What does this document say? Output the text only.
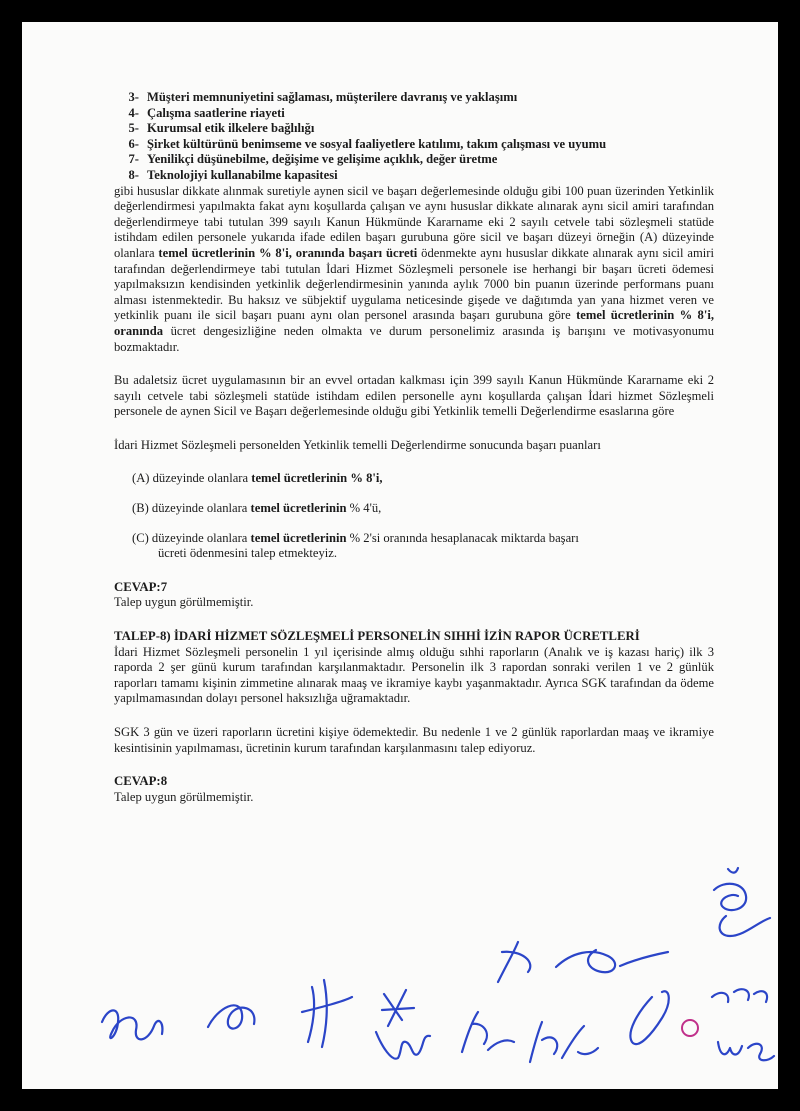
3- Müşteri memnuniyetini sağlaması, müşterilere davranış ve yaklaşımı
4- Çalışma saatlerine riayeti
5- Kurumsal etik ilkelere bağlılığı
6- Şirket kültürünü benimseme ve sosyal faaliyetlere katılımı, takım çalışması ve uyumu
7- Yenilikçi düşünebilme, değişime ve gelişime açıklık, değer üretme
8- Teknolojiyi kullanabilme kapasitesi

gibi hususlar dikkate alınmak suretiyle aynen sicil ve başarı değerlemesinde olduğu gibi 100 puan üzerinden Yetkinlik değerlendirmesi yapılmakta fakat aynı koşullarda çalışan ve aynı hususlar dikkate alınarak aynı sicil amiri tarafından değerlendirmeye tabi tutulan 399 sayılı Kanun Hükmünde Kararname eki 2 sayılı cetvele tabi sözleşmeli statüde istihdam edilen personele yukarıda ifade edilen başarı gurubuna göre sicil ve başarı düzeyi örneğin (A) düzeyinde olanlara temel ücretlerinin % 8'i, oranında başarı ücreti ödenmekte aynı hususlar dikkate alınarak aynı sicil amiri tarafından değerlendirmeye tabi tutulan İdari Hizmet Sözleşmeli personele ise herhangi bir başarı ücreti ödemesi yapılmaksızın kendisinden yetkinlik değerlendirmesinin yanında aylık 7000 bin puanın üzerinde performans puanı alması istenmektedir. Bu haksız ve sübjektif uygulama neticesinde gişede ve dağıtımda yan yana hizmet veren ve yetkinlik puanı ile sicil başarı puanı aynı olan personel arasında başarı gurubuna göre temel ücretlerinin % 8'i, oranında ücret dengesizliğine neden olmakta ve durum personelimiz arasında iş barışını ve motivasyonumu bozmaktadır.

Bu adaletsiz ücret uygulamasının bir an evvel ortadan kalkması için 399 sayılı Kanun Hükmünde Kararname eki 2 sayılı cetvele tabi sözleşmeli statüde istihdam edilen personelle aynı koşullarda çalışan İdari hizmet Sözleşmeli personele de aynen Sicil ve Başarı değerlemesinde olduğu gibi Yetkinlik temelli Değerlendirme esaslarına göre

İdari Hizmet Sözleşmeli personelden Yetkinlik temelli Değerlendirme sonucunda başarı puanları

(A) düzeyinde olanlara temel ücretlerinin % 8'i,

(B) düzeyinde olanlara temel ücretlerinin % 4'ü,

(C) düzeyinde olanlara temel ücretlerinin % 2'si oranında hesaplanacak miktarda başarı

ücreti ödenmesini talep etmekteyiz.

CEVAP:7

Talep uygun görülmemiştir.

TALEP-8) İDARİ HİZMET SÖZLEŞMELİ PERSONELİN SIHHİ İZİN RAPOR ÜCRETLERİ

İdari Hizmet Sözleşmeli personelin 1 yıl içerisinde almış olduğu sıhhi raporların (Analık ve iş kazası hariç) ilk 3 raporda 2 şer günü kurum tarafından karşılanmaktadır. Personelin ilk 3 rapordan sonraki verilen 1 ve 2 günlük raporları tamamı kişinin zimmetine alınarak maaş ve ikramiye kaybı yaşanmaktadır. Ayrıca SGK tarafından da ödeme yapılmamasından dolayı personel haksızlığa uğramaktadır.

SGK 3 gün ve üzeri raporların ücretini kişiye ödemektedir. Bu nedenle 1 ve 2 günlük raporlardan maaş ve ikramiye kesintisinin yapılmaması, ücretinin kurum tarafından karşılanmasını talep ediyoruz.

CEVAP:8

Talep uygun görülmemiştir.
